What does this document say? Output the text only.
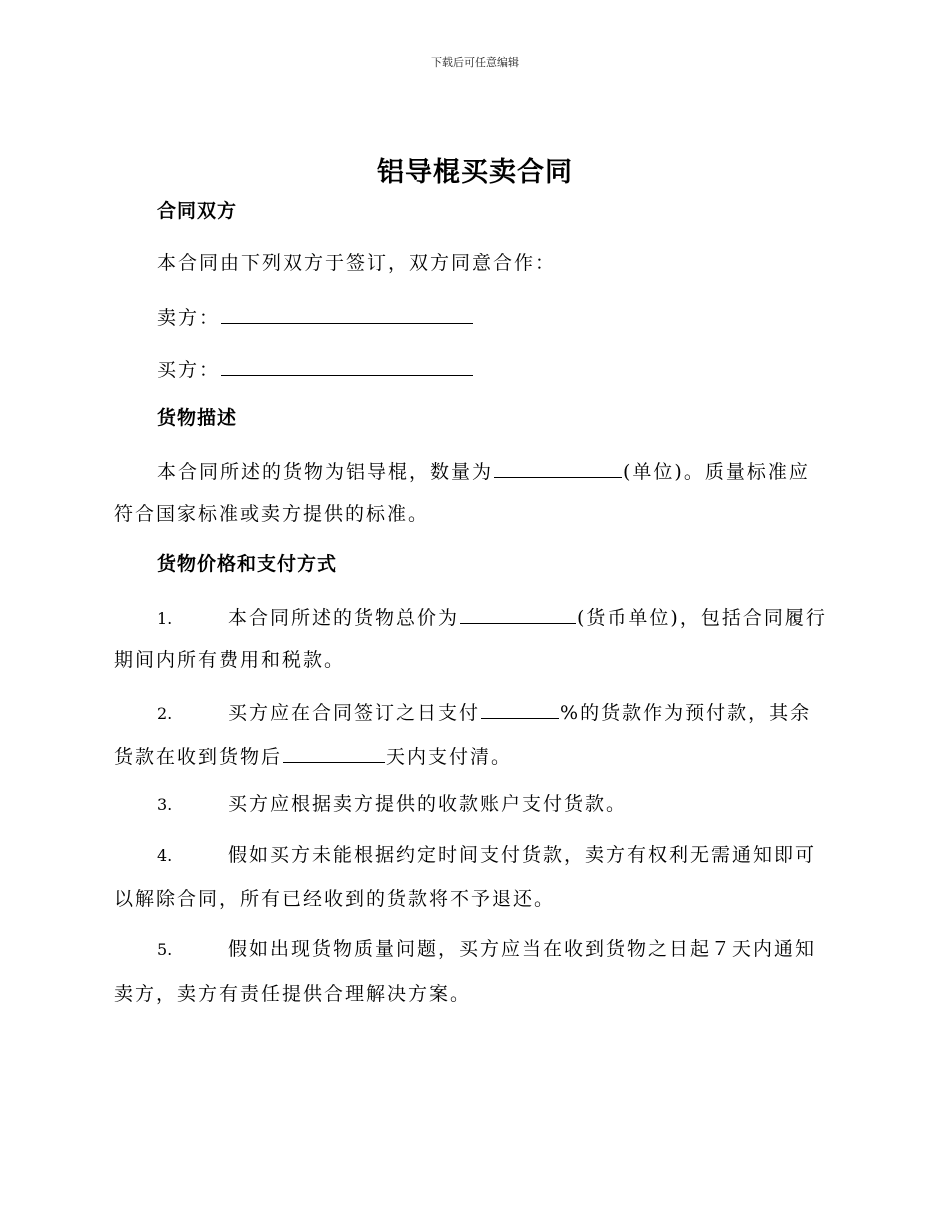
下载后可任意编辑
铝导棍买卖合同
合同双方
本合同由下列双方于签订，双方同意合作：
卖方：
买方：
货物描述
本合同所述的货物为铝导棍，数量为	(单位)。质量标准应
符合国家标准或卖方提供的标准。
货物价格和支付方式
1.	本合同所述的货物总价为	(货币单位)，包括合同履行
期间内所有费用和税款。
2.	买方应在合同签订之日支付	%的货款作为预付款，其余
货款在收到货物后	天内支付清。
3.	买方应根据卖方提供的收款账户支付货款。
4.	假如买方未能根据约定时间支付货款，卖方有权利无需通知即可
以解除合同，所有已经收到的货款将不予退还。
5.	假如出现货物质量问题，买方应当在收到货物之日起７天内通知
卖方，卖方有责任提供合理解决方案。
